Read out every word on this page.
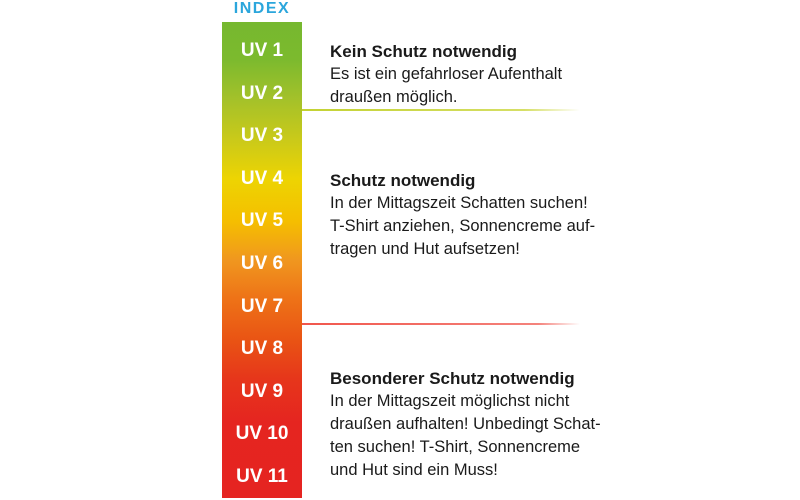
INDEX
UV 1
UV 2
UV 3
UV 4
UV 5
UV 6
UV 7
UV 8
UV 9
UV 10
UV 11
Kein Schutz notwendig
Es ist ein gefahrloser Aufenthalt
draußen möglich.
Schutz notwendig
In der Mittagszeit Schatten suchen!
T-Shirt anziehen, Sonnencreme auf-
tragen und Hut aufsetzen!
Besonderer Schutz notwendig
In der Mittagszeit möglichst nicht
draußen aufhalten! Unbedingt Schat-
ten suchen! T-Shirt, Sonnencreme
und Hut sind ein Muss!
